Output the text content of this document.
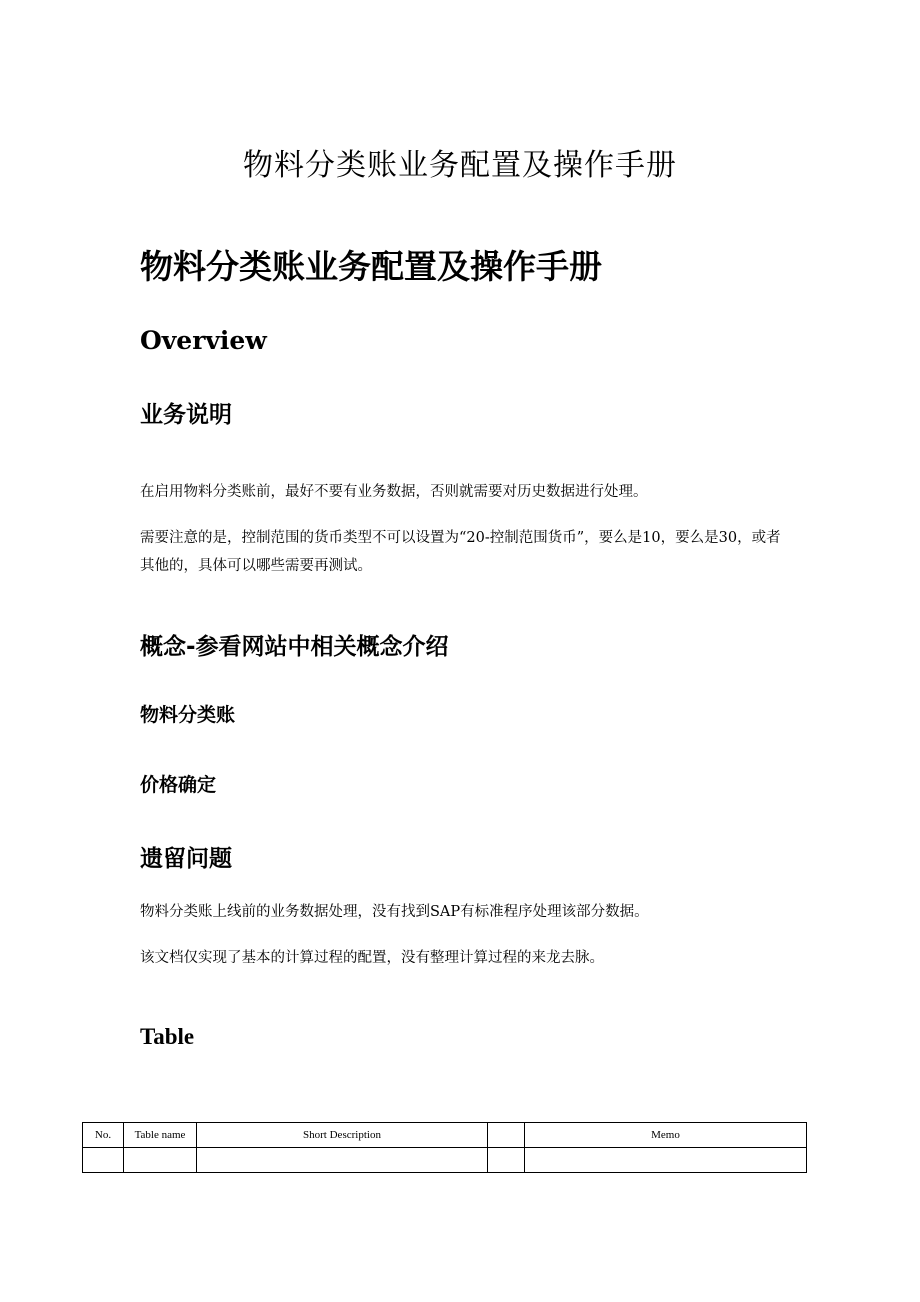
物料分类账业务配置及操作手册
物料分类账业务配置及操作手册
Overview
业务说明

在启用物料分类账前，最好不要有业务数据，否则就需要对历史数据进行处理。

需要注意的是，控制范围的货币类型不可以设置为“20-控制范围货币”，要么是10，要么是30，或者其他的，具体可以哪些需要再测试。

概念-参看网站中相关概念介绍
物料分类账
价格确定
遗留问题

物料分类账上线前的业务数据处理，没有找到SAP有标准程序处理该部分数据。

该文档仅实现了基本的计算过程的配置，没有整理计算过程的来龙去脉。

Table
No.	Table name	Short Description		Memo
